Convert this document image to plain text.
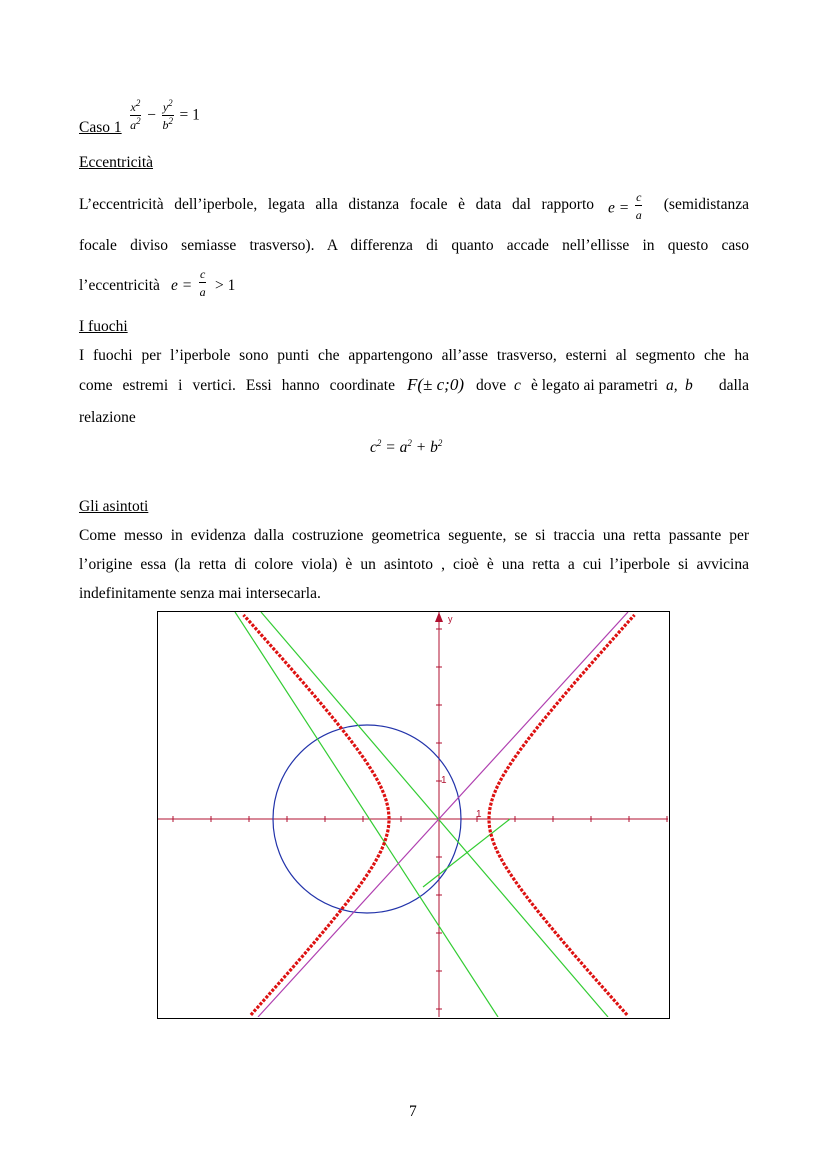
Caso $1 \frac{x^2}{a^2} - \frac{y^2}{b^2} = 1$
Eccentricità
L’eccentricità dell’iperbole, legata alla distanza focale è data dal rapporto $e = \frac{c}{a}$ (semidistanza
focale diviso semiasse trasverso). A differenza di quanto accade nell’ellisse in questo caso
l’eccentricità $e = \frac{c}{a} > 1$
I fuochi
I fuochi per l’iperbole sono punti che appartengono all’asse trasverso, esterni al segmento che ha
come estremi i vertici. Essi hanno coordinate F(± c;0) dove c è legato ai parametri a, b dalla
relazione
$c^2 = a^2 + b^2$
Gli asintoti
Come messo in evidenza dalla costruzione geometrica seguente, se si traccia una retta passante per
l’origine essa (la retta di colore viola) è un asintoto , cioè è una retta a cui l’iperbole si avvicina
indefinitamente senza mai intersecarla.
y
1
1
7
